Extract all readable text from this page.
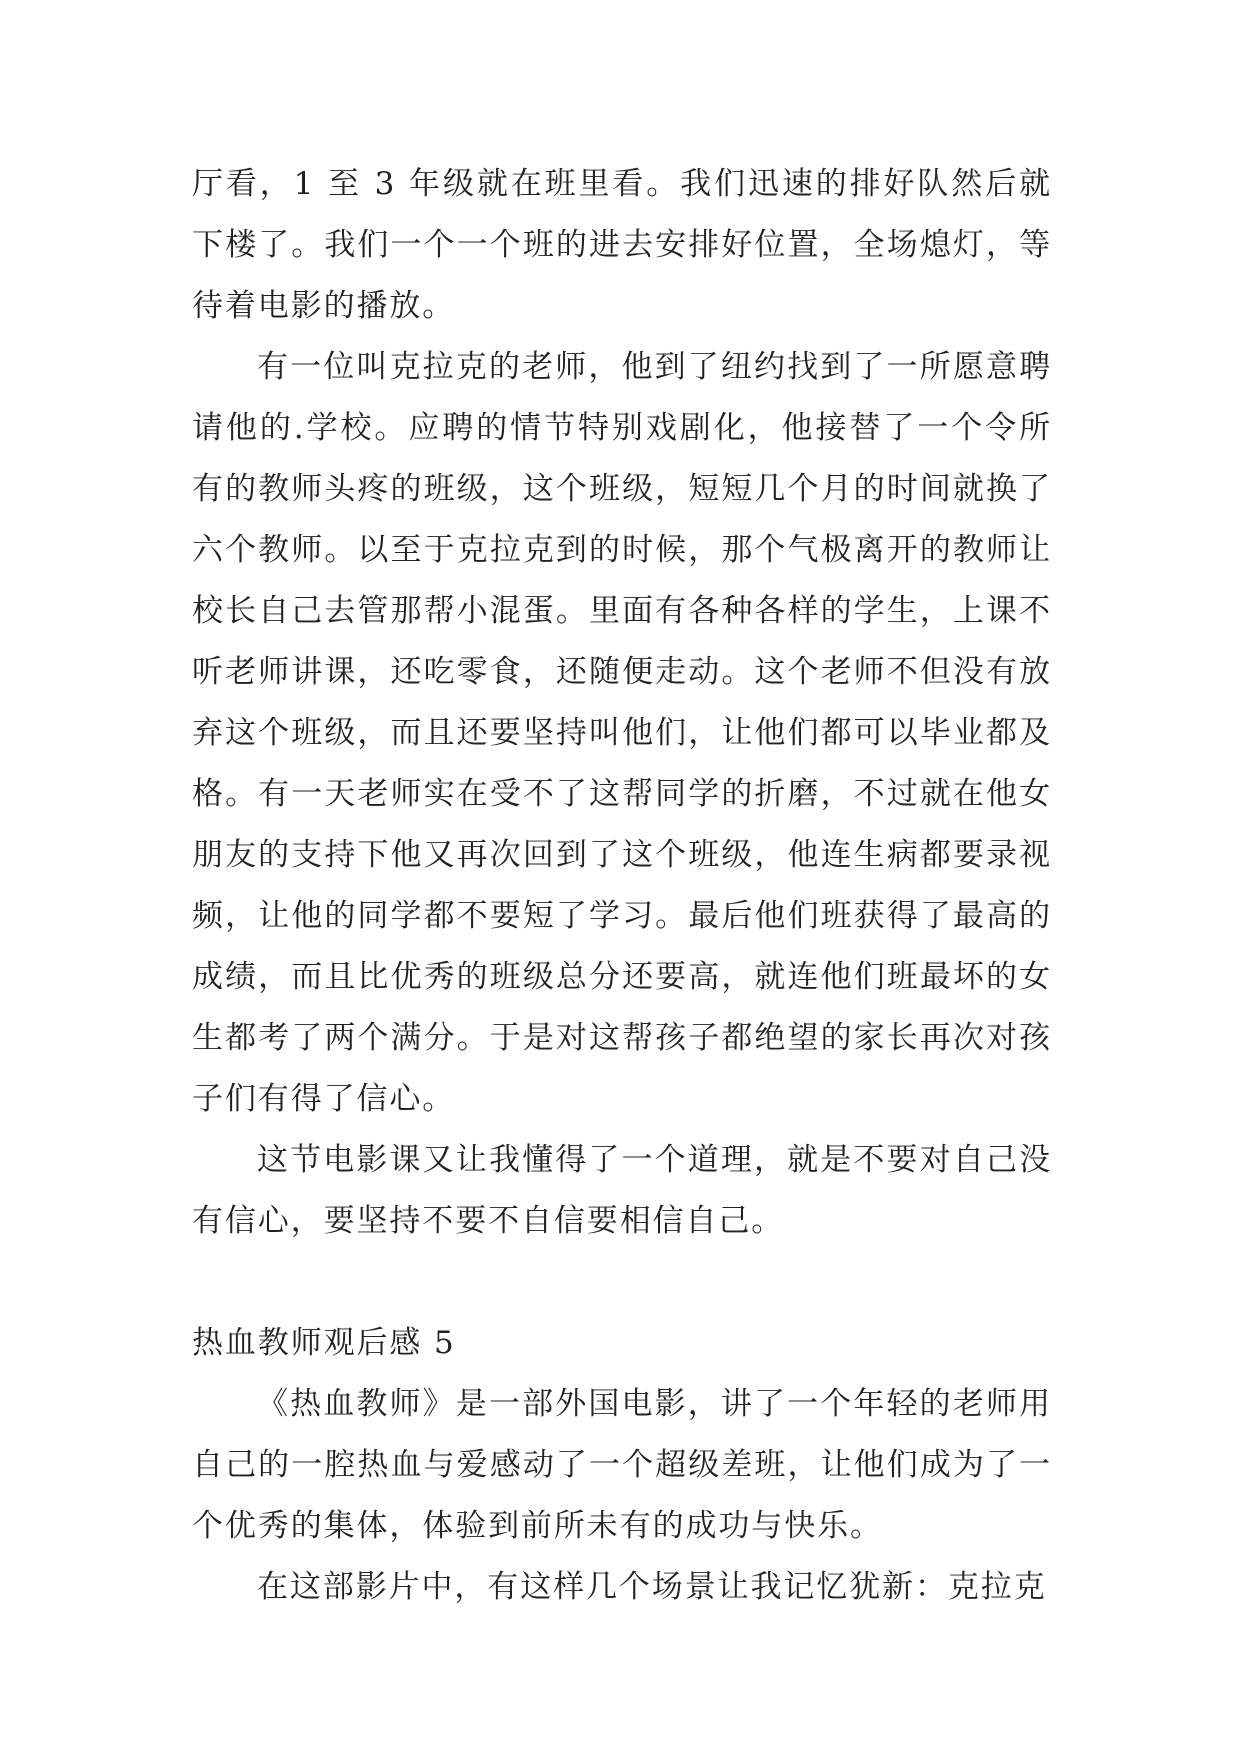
厅看，1 至 3 年级就在班里看。我们迅速的排好队然后就下楼了。我们一个一个班的进去安排好位置，全场熄灯，等待着电影的播放。

有一位叫克拉克的老师，他到了纽约找到了一所愿意聘请他的.学校。应聘的情节特别戏剧化，他接替了一个令所有的教师头疼的班级，这个班级，短短几个月的时间就换了六个教师。以至于克拉克到的时候，那个气极离开的教师让校长自己去管那帮小混蛋。里面有各种各样的学生，上课不听老师讲课，还吃零食，还随便走动。这个老师不但没有放弃这个班级，而且还要坚持叫他们，让他们都可以毕业都及格。有一天老师实在受不了这帮同学的折磨，不过就在他女朋友的支持下他又再次回到了这个班级，他连生病都要录视频，让他的同学都不要短了学习。最后他们班获得了最高的成绩，而且比优秀的班级总分还要高，就连他们班最坏的女生都考了两个满分。于是对这帮孩子都绝望的家长再次对孩子们有得了信心。

这节电影课又让我懂得了一个道理，就是不要对自己没有信心，要坚持不要不自信要相信自己。

热血教师观后感 5

《热血教师》是一部外国电影，讲了一个年轻的老师用自己的一腔热血与爱感动了一个超级差班，让他们成为了一个优秀的集体，体验到前所未有的成功与快乐。

在这部影片中，有这样几个场景让我记忆犹新：克拉克
